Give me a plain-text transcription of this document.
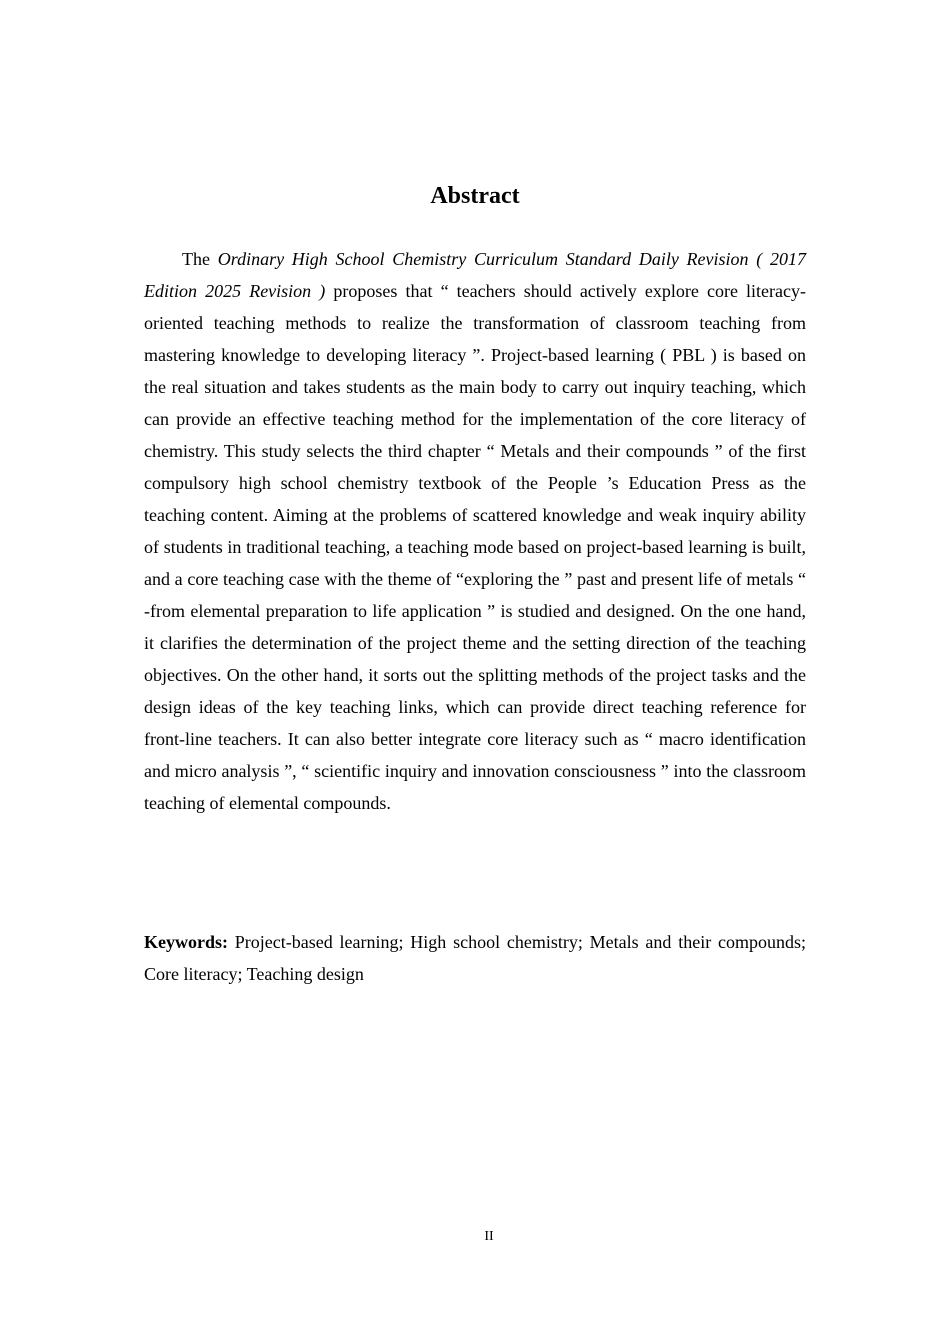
Abstract

The Ordinary High School Chemistry Curriculum Standard Daily Revision ( 2017 Edition 2025 Revision ) proposes that “ teachers should actively explore core literacy-oriented teaching methods to realize the transformation of classroom teaching from mastering knowledge to developing literacy ”. Project-based learning ( PBL ) is based on the real situation and takes students as the main body to carry out inquiry teaching, which can provide an effective teaching method for the implementation of the core literacy of chemistry. This study selects the third chapter “ Metals and their compounds ” of the first compulsory high school chemistry textbook of the People ’s Education Press as the teaching content. Aiming at the problems of scattered knowledge and weak inquiry ability of students in traditional teaching, a teaching mode based on project-based learning is built, and a core teaching case with the theme of “exploring the ” past and present life of metals “ -from elemental preparation to life application ” is studied and designed. On the one hand, it clarifies the determination of the project theme and the setting direction of the teaching objectives. On the other hand, it sorts out the splitting methods of the project tasks and the design ideas of the key teaching links, which can provide direct teaching reference for front-line teachers. It can also better integrate core literacy such as “ macro identification and micro analysis ”, “ scientific inquiry and innovation consciousness ” into the classroom teaching of elemental compounds.

Keywords: Project-based learning; High school chemistry; Metals and their compounds; Core literacy; Teaching design

II
